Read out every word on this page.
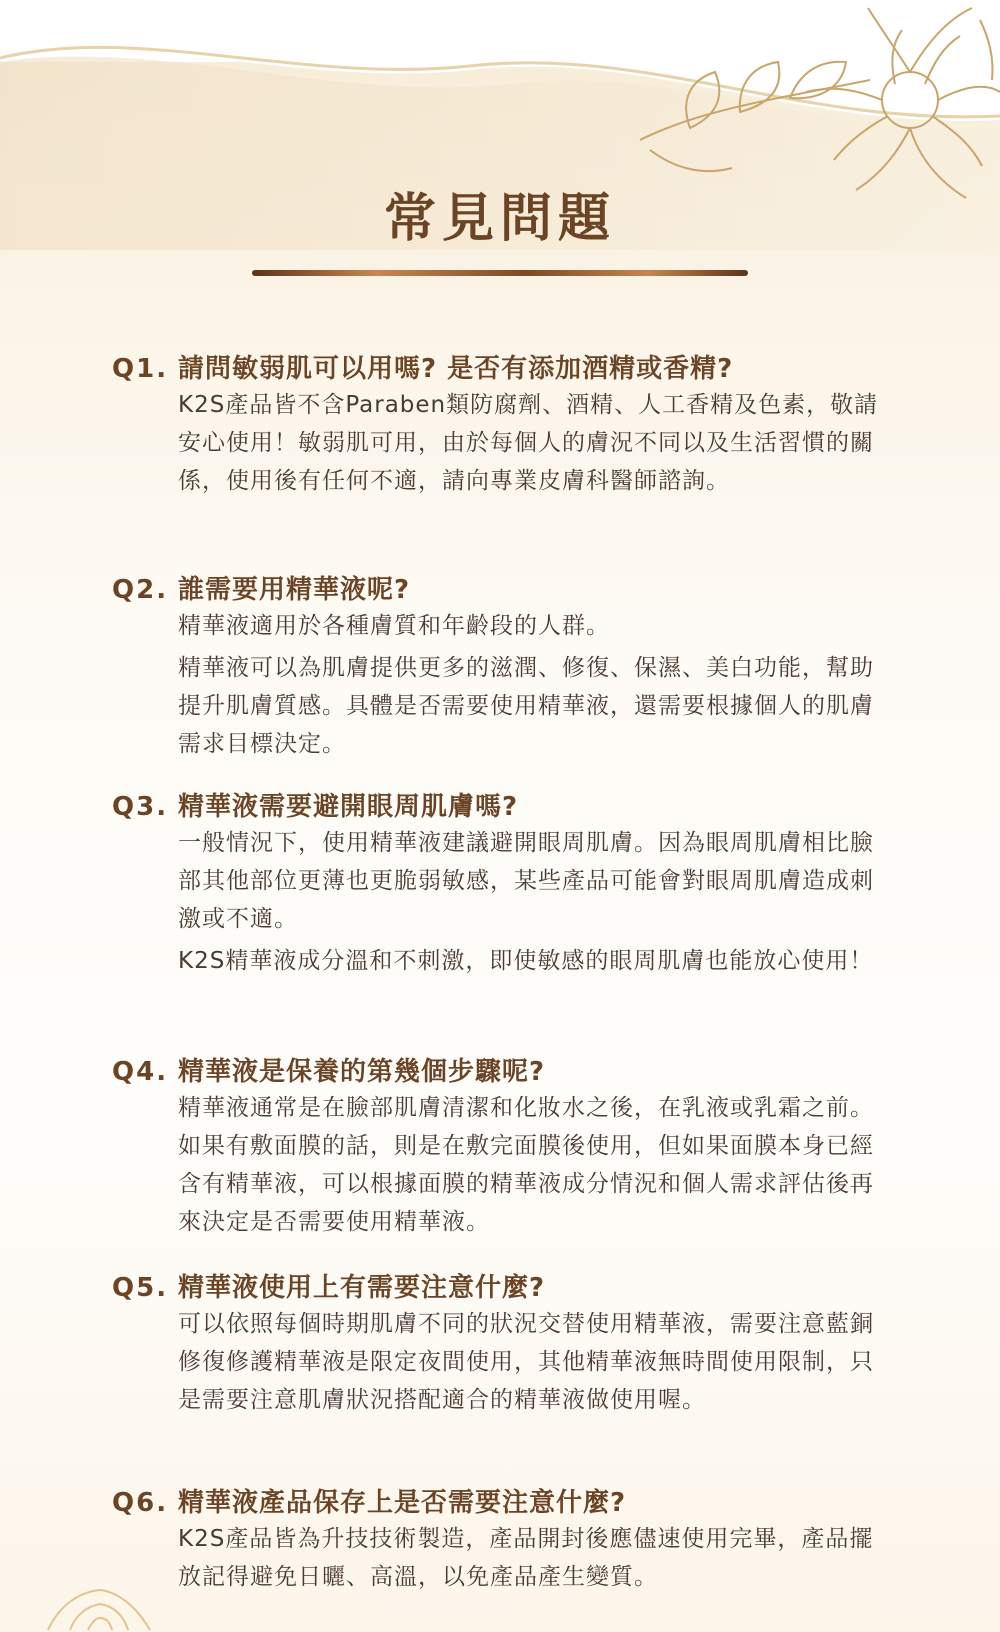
常見問題
Q1. 請問敏弱肌可以用嗎? 是否有添加酒精或香精?

K2S產品皆不含Paraben類防腐劑、酒精、人工香精及色素，敬請安心使用！敏弱肌可用，由於每個人的膚況不同以及生活習慣的關係，使用後有任何不適，請向專業皮膚科醫師諮詢。

Q2. 誰需要用精華液呢?

精華液適用於各種膚質和年齡段的人群。

精華液可以為肌膚提供更多的滋潤、修復、保濕、美白功能，幫助提升肌膚質感。具體是否需要使用精華液，還需要根據個人的肌膚需求目標決定。

Q3. 精華液需要避開眼周肌膚嗎?

一般情況下，使用精華液建議避開眼周肌膚。因為眼周肌膚相比臉部其他部位更薄也更脆弱敏感，某些產品可能會對眼周肌膚造成刺激或不適。

K2S精華液成分溫和不刺激，即使敏感的眼周肌膚也能放心使用！

Q4. 精華液是保養的第幾個步驟呢?

精華液通常是在臉部肌膚清潔和化妝水之後，在乳液或乳霜之前。如果有敷面膜的話，則是在敷完面膜後使用，但如果面膜本身已經含有精華液，可以根據面膜的精華液成分情況和個人需求評估後再來決定是否需要使用精華液。

Q5. 精華液使用上有需要注意什麼?

可以依照每個時期肌膚不同的狀況交替使用精華液，需要注意藍銅修復修護精華液是限定夜間使用，其他精華液無時間使用限制，只是需要注意肌膚狀況搭配適合的精華液做使用喔。

Q6. 精華液產品保存上是否需要注意什麼?

K2S產品皆為升技技術製造，產品開封後應儘速使用完畢，產品擺放記得避免日曬、高溫，以免產品產生變質。
